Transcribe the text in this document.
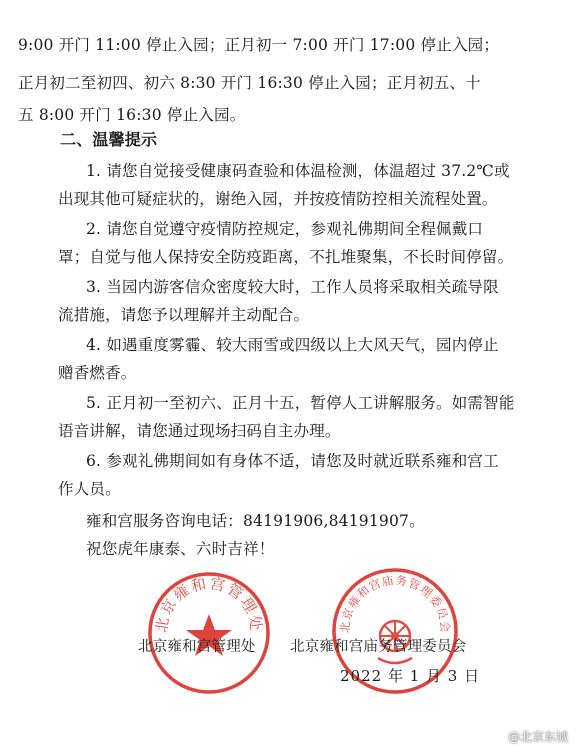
9:00 开门 11:00 停止入园；正月初一 7:00 开门 17:00 停止入园；
正月初二至初四、初六 8:30 开门 16:30 停止入园；正月初五、十
五 8:00 开门 16:30 停止入园。
二、温馨提示
1. 请您自觉接受健康码查验和体温检测，体温超过 37.2℃或
出现其他可疑症状的，谢绝入园，并按疫情防控相关流程处置。
2. 请您自觉遵守疫情防控规定，参观礼佛期间全程佩戴口
罩；自觉与他人保持安全防疫距离，不扎堆聚集，不长时间停留。
3. 当园内游客信众密度较大时，工作人员将采取相关疏导限
流措施，请您予以理解并主动配合。
4. 如遇重度雾霾、较大雨雪或四级以上大风天气，园内停止
赠香燃香。
5. 正月初一至初六、正月十五，暂停人工讲解服务。如需智能
语音讲解，请您通过现场扫码自主办理。
6. 参观礼佛期间如有身体不适，请您及时就近联系雍和宫工
作人员。
雍和宫服务咨询电话：84191906,84191907。
祝您虎年康泰、六时吉祥！
北京雍和宫管理处	北京雍和宫庙务管理委员会
北京雍和宫管理处	北京雍和宫庙务管理委员会
2022 年 1 月 3 日
@北京东城
